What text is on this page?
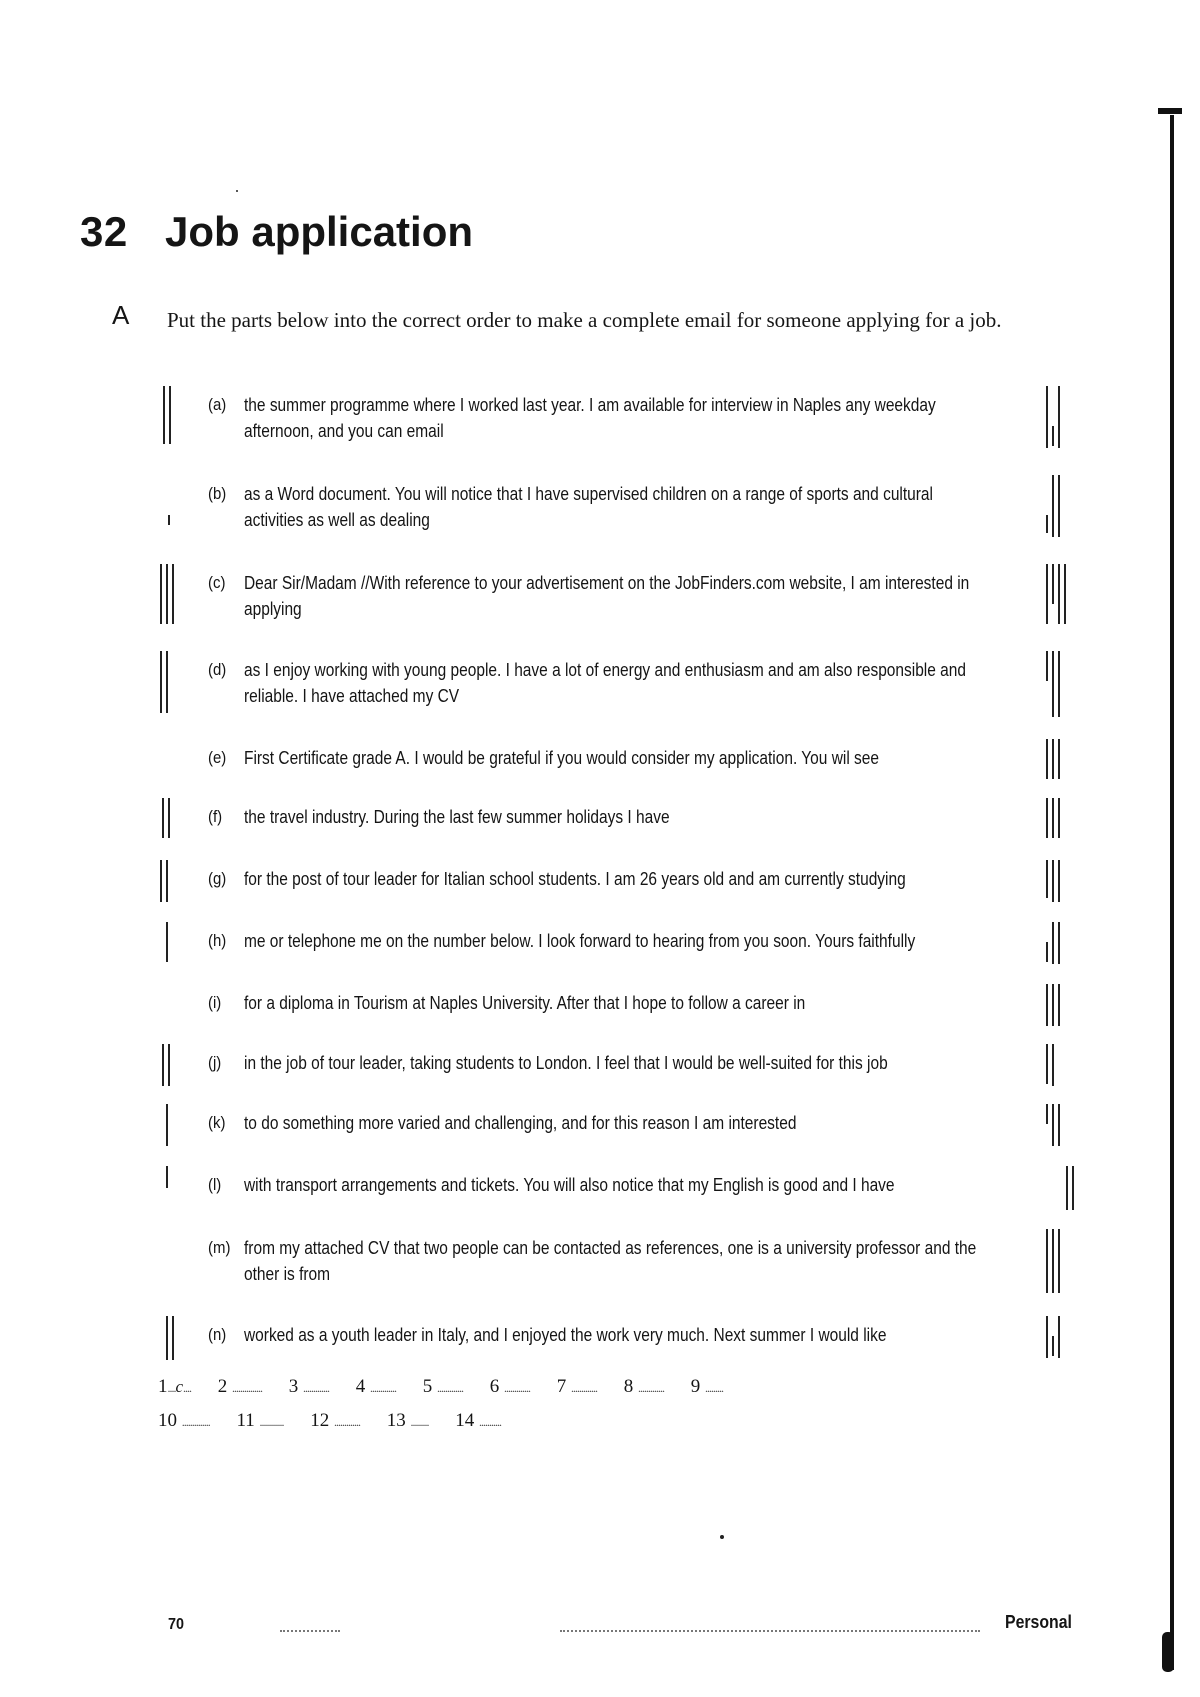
32 Job application
A Put the parts below into the correct order to make a complete email for someone applying for a job.
(a) the summer programme where I worked last year. I am available for interview in Naples any weekday afternoon, and you can email
(b) as a Word document. You will notice that I have supervised children on a range of sports and cultural activities as well as dealing
(c) Dear Sir/Madam //With reference to your advertisement on the JobFinders.com website, I am interested in applying
(d) as I enjoy working with young people. I have a lot of energy and enthusiasm and am also responsible and reliable. I have attached my CV
(e) First Certificate grade A. I would be grateful if you would consider my application. You wil see
(f) the travel industry. During the last few summer holidays I have
(g) for the post of tour leader for Italian school students. I am 26 years old and am currently studying
(h) me or telephone me on the number below. I look forward to hearing from you soon. Yours faithfully
(i) for a diploma in Tourism at Naples University. After that I hope to follow a career in
(j) in the job of tour leader, taking students to London. I feel that I would be well-suited for this job
(k) to do something more varied and challenging, and for this reason I am interested
(l) with transport arrangements and tickets. You will also notice that my English is good and I have
(m) from my attached CV that two people can be contacted as references, one is a university professor and the other is from
(n) worked as a youth leader in Italy, and I enjoyed the work very much. Next summer I would like
1....c.... 2 ............... 3 ............. 4 ............. 5 ............. 6 ............. 7 ............. 8 ............. 9 .........
10 .............. 11 ............ 12 ............. 13 ......... 14 ...........
70	Personal
